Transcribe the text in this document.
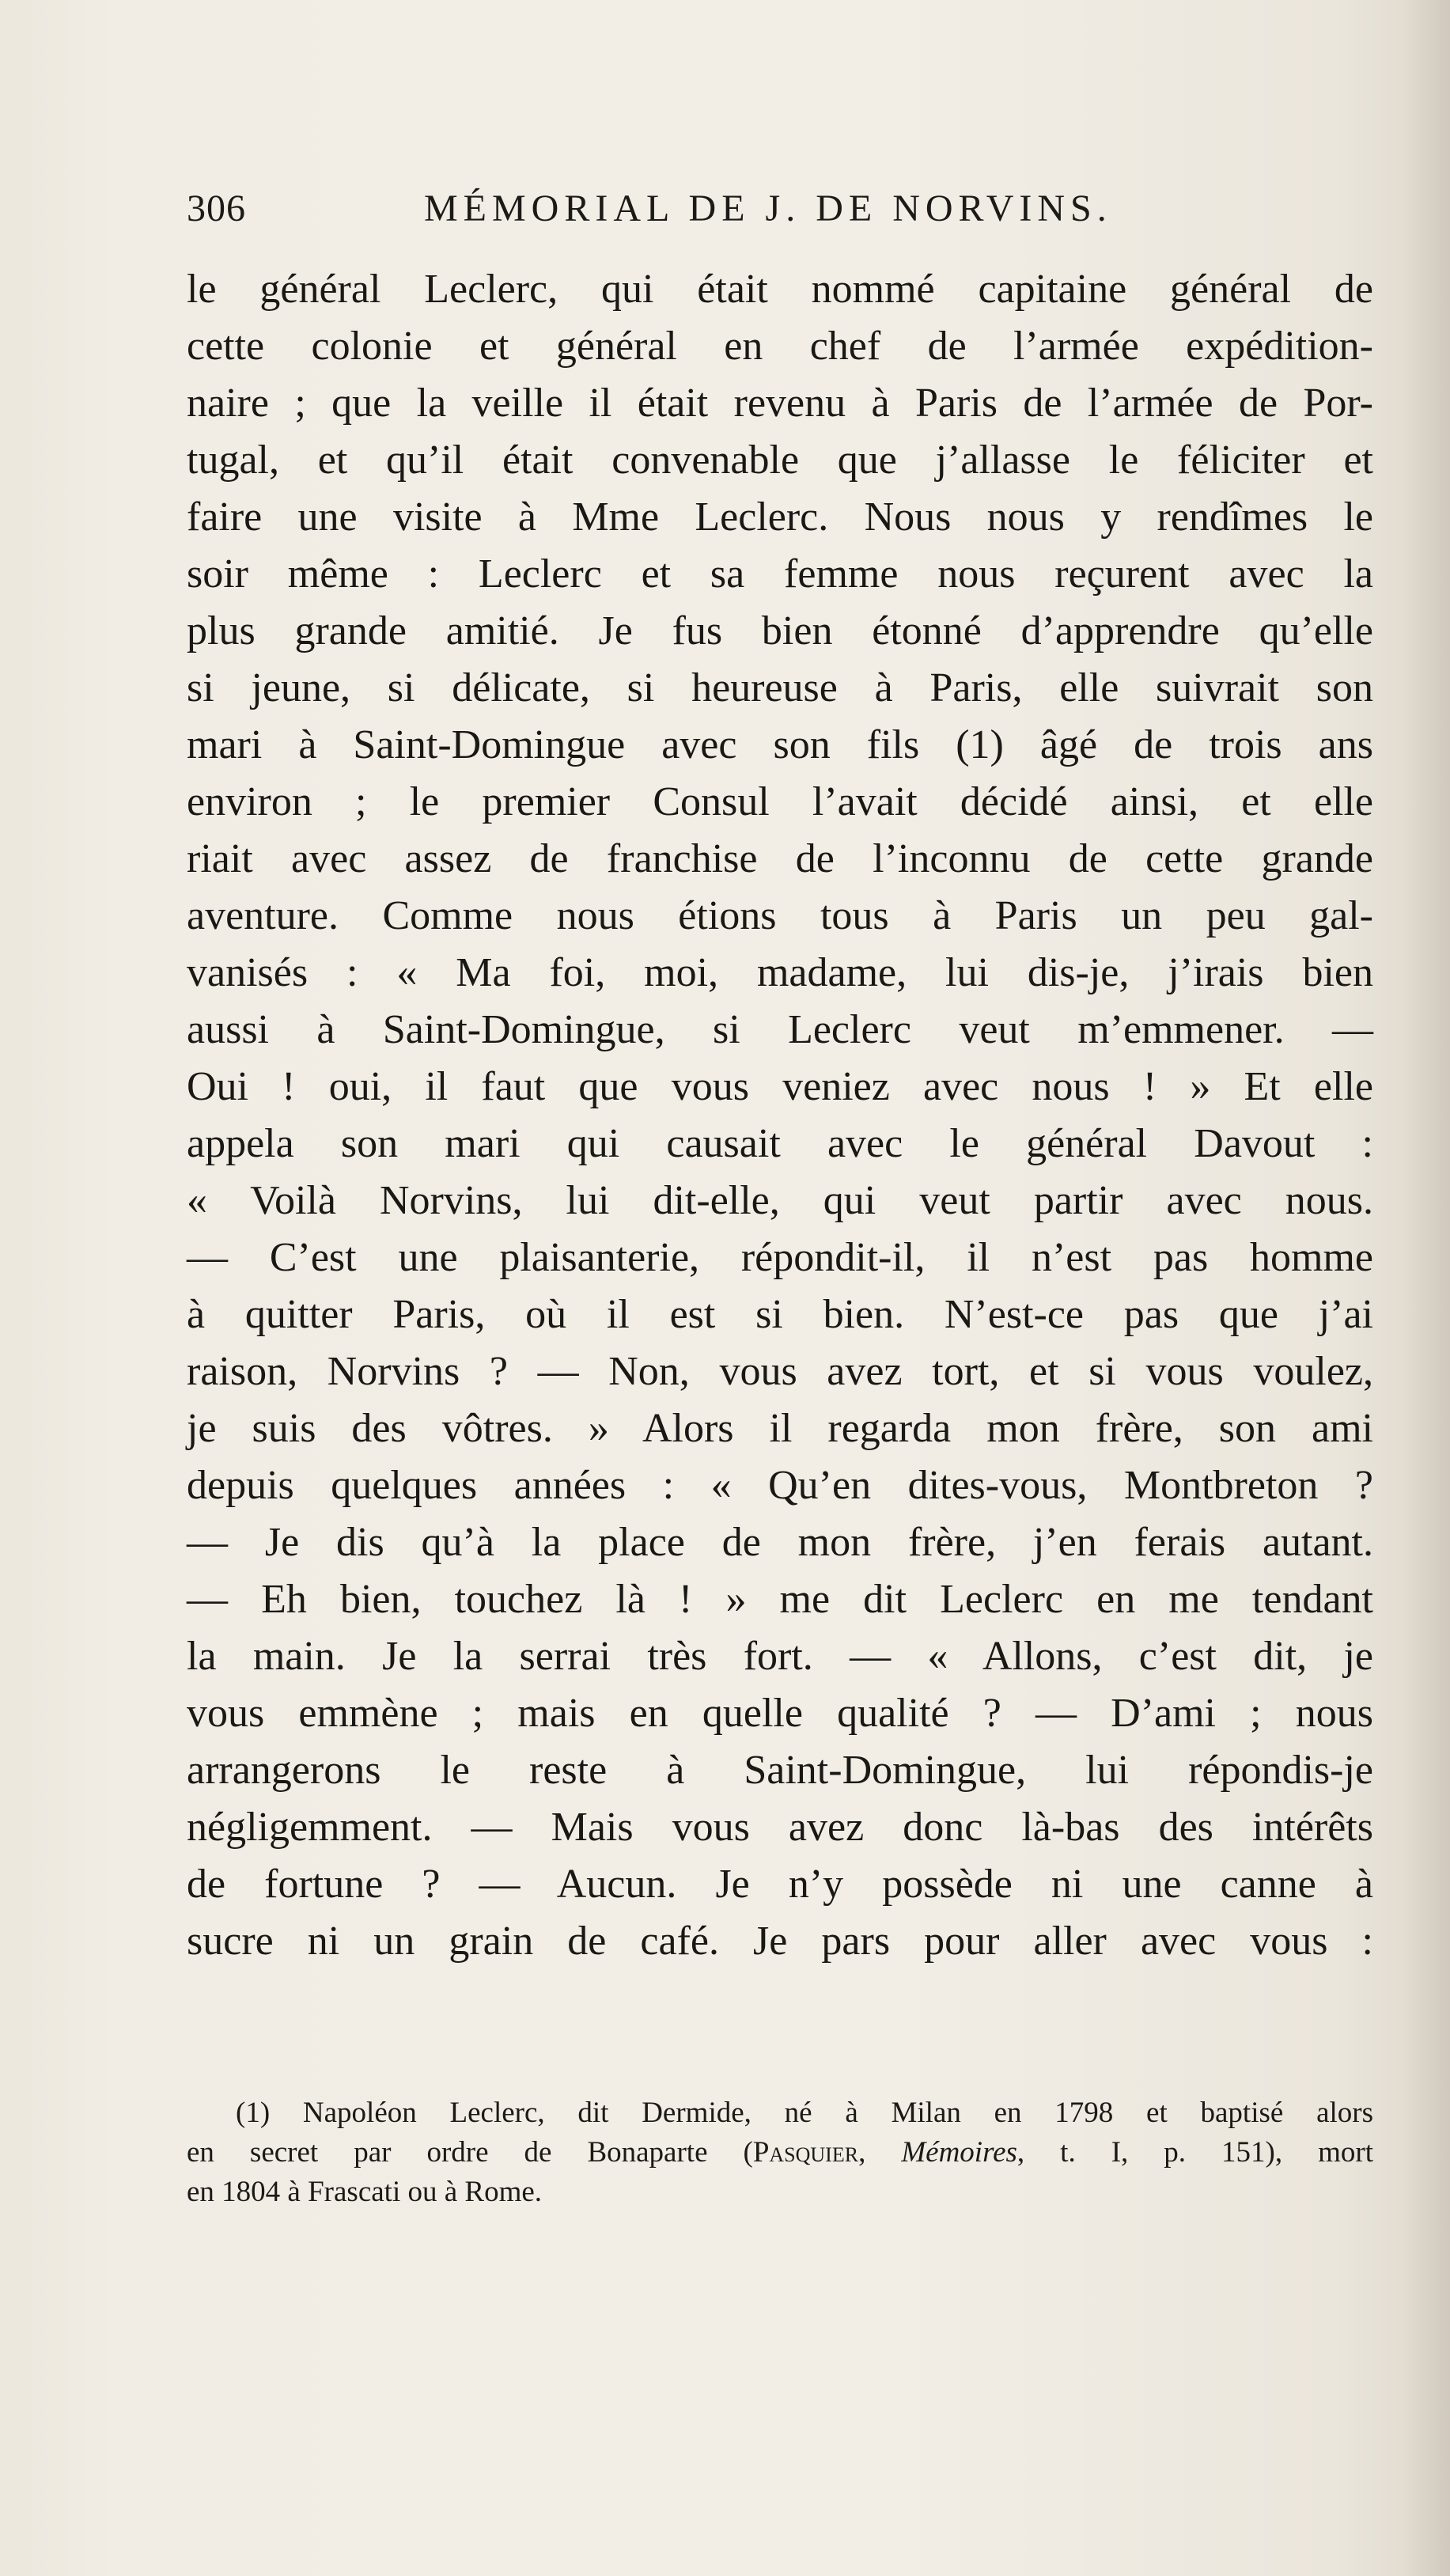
306	MÉMORIAL DE J. DE NORVINS.
le général Leclerc, qui était nommé capitaine général de
cette colonie et général en chef de l’armée expédition-
naire ; que la veille il était revenu à Paris de l’armée de Por-
tugal, et qu’il était convenable que j’allasse le féliciter et
faire une visite à Mme Leclerc. Nous nous y rendîmes le
soir même : Leclerc et sa femme nous reçurent avec la
plus grande amitié. Je fus bien étonné d’apprendre qu’elle
si jeune, si délicate, si heureuse à Paris, elle suivrait son
mari à Saint-Domingue avec son fils (1) âgé de trois ans
environ ; le premier Consul l’avait décidé ainsi, et elle
riait avec assez de franchise de l’inconnu de cette grande
aventure. Comme nous étions tous à Paris un peu gal-
vanisés : « Ma foi, moi, madame, lui dis-je, j’irais bien
aussi à Saint-Domingue, si Leclerc veut m’emmener. —
Oui ! oui, il faut que vous veniez avec nous ! » Et elle
appela son mari qui causait avec le général Davout :
« Voilà Norvins, lui dit-elle, qui veut partir avec nous.
— C’est une plaisanterie, répondit-il, il n’est pas homme
à quitter Paris, où il est si bien. N’est-ce pas que j’ai
raison, Norvins ? — Non, vous avez tort, et si vous voulez,
je suis des vôtres. » Alors il regarda mon frère, son ami
depuis quelques années : « Qu’en dites-vous, Montbreton ?
— Je dis qu’à la place de mon frère, j’en ferais autant.
— Eh bien, touchez là ! » me dit Leclerc en me tendant
la main. Je la serrai très fort. — « Allons, c’est dit, je
vous emmène ; mais en quelle qualité ? — D’ami ; nous
arrangerons le reste à Saint-Domingue, lui répondis-je
négligemment. — Mais vous avez donc là-bas des intérêts
de fortune ? — Aucun. Je n’y possède ni une canne à
sucre ni un grain de café. Je pars pour aller avec vous :
(1) Napoléon Leclerc, dit Dermide, né à Milan en 1798 et baptisé alors
en secret par ordre de Bonaparte (Pasquier, Mémoires, t. I, p. 151), mort
en 1804 à Frascati ou à Rome.
